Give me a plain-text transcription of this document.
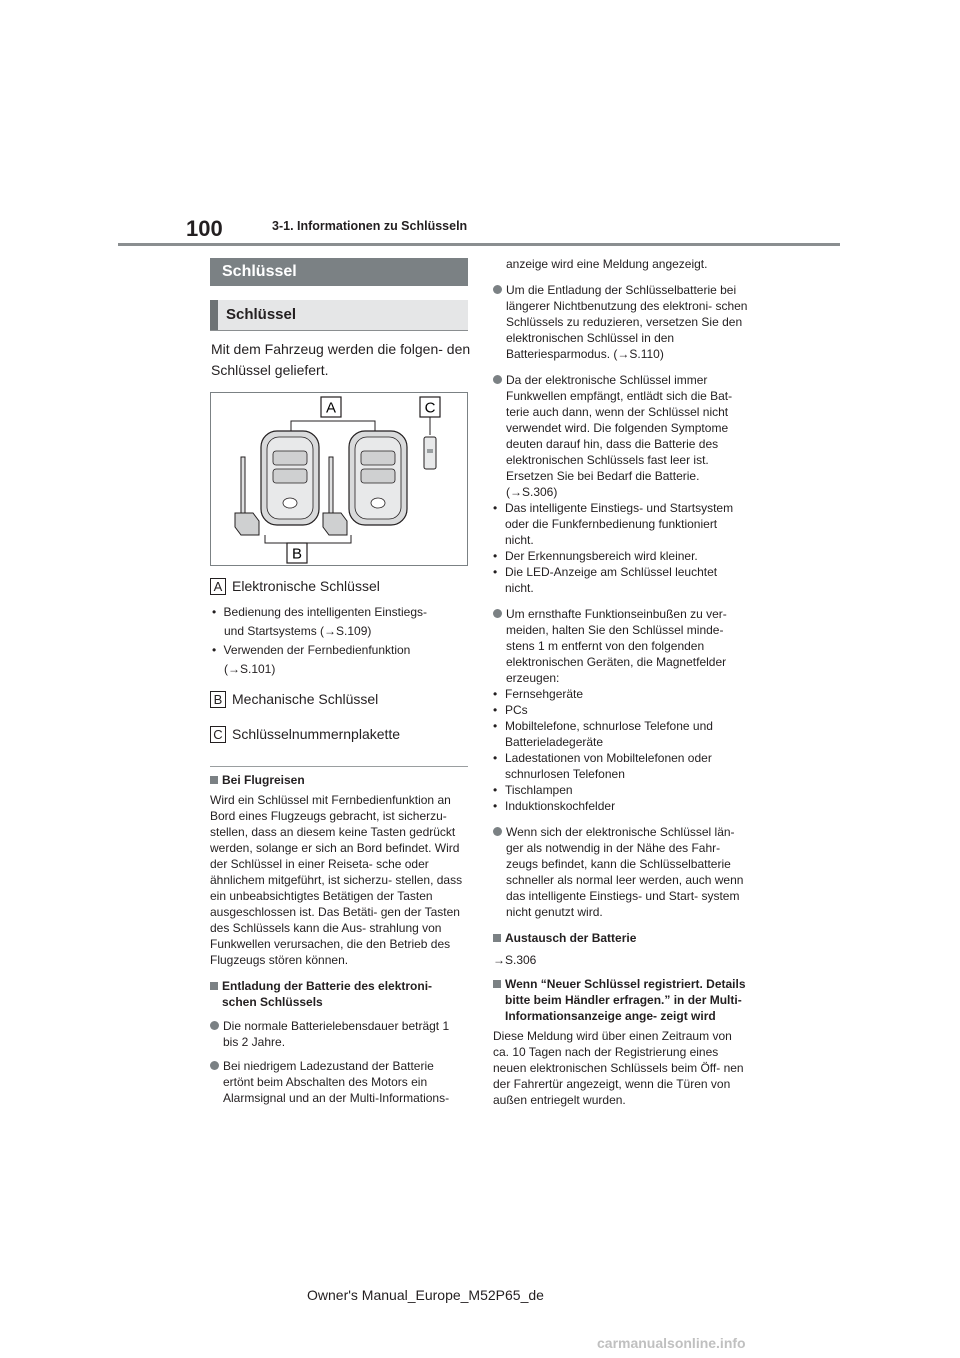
100	3-1. Informationen zu Schlüsseln
Schlüssel
Schlüssel
Mit dem Fahrzeug werden die folgen- den Schlüssel geliefert.
A	C
B
A Elektronische Schlüssel
• Bedienung des intelligenten Einstiegs-
und Startsystems (→S.109)
• Verwenden der Fernbedienfunktion
(→S.101)
B Mechanische Schlüssel
C Schlüsselnummernplakette
Bei Flugreisen

Wird ein Schlüssel mit Fernbedienfunktion an Bord eines Flugzeugs gebracht, ist sicherzu- stellen, dass an diesem keine Tasten gedrückt werden, solange er sich an Bord befindet. Wird der Schlüssel in einer Reiseta- sche oder ähnlichem mitgeführt, ist sicherzu- stellen, dass ein unbeabsichtigtes Betätigen der Tasten ausgeschlossen ist. Das Betäti- gen der Tasten des Schlüssels kann die Aus- strahlung von Funkwellen verursachen, die den Betrieb des Flugzeugs stören können.

Entladung der Batterie des elektroni- schen Schlüssels
Die normale Batterielebensdauer beträgt 1 bis 2 Jahre.
Bei niedrigem Ladezustand der Batterie ertönt beim Abschalten des Motors ein Alarmsignal und an der Multi-Informations-

anzeige wird eine Meldung angezeigt.

Um die Entladung der Schlüsselbatterie bei längerer Nichtbenutzung des elektroni- schen Schlüssels zu reduzieren, versetzen Sie den elektronischen Schlüssel in den Batteriesparmodus. (→S.110)
Da der elektronische Schlüssel immer Funkwellen empfängt, entlädt sich die Bat- terie auch dann, wenn der Schlüssel nicht verwendet wird. Die folgenden Symptome deuten darauf hin, dass die Batterie des elektronischen Schlüssels fast leer ist. Ersetzen Sie bei Bedarf die Batterie. (→S.306)
• Das intelligente Einstiegs- und Startsystem oder die Funkfernbedienung funktioniert nicht.
• Der Erkennungsbereich wird kleiner.
• Die LED-Anzeige am Schlüssel leuchtet nicht.
Um ernsthafte Funktionseinbußen zu ver- meiden, halten Sie den Schlüssel minde- stens 1 m entfernt von den folgenden elektronischen Geräten, die Magnetfelder erzeugen:
• Fernsehgeräte
• PCs
• Mobiltelefone, schnurlose Telefone und Batterieladegeräte
• Ladestationen von Mobiltelefonen oder schnurlosen Telefonen
• Tischlampen
• Induktionskochfelder
Wenn sich der elektronische Schlüssel län- ger als notwendig in der Nähe des Fahr- zeugs befindet, kann die Schlüsselbatterie schneller als normal leer werden, auch wenn das intelligente Einstiegs- und Start- system nicht genutzt wird.
Austausch der Batterie

→S.306

Wenn “Neuer Schlüssel registriert. Details bitte beim Händler erfragen.” in der Multi-Informationsanzeige ange- zeigt wird

Diese Meldung wird über einen Zeitraum von ca. 10 Tagen nach der Registrierung eines neuen elektronischen Schlüssels beim Öff- nen der Fahrertür angezeigt, wenn die Türen von außen entriegelt wurden.

Owner's Manual_Europe_M52P65_de
carmanualsonline.info
